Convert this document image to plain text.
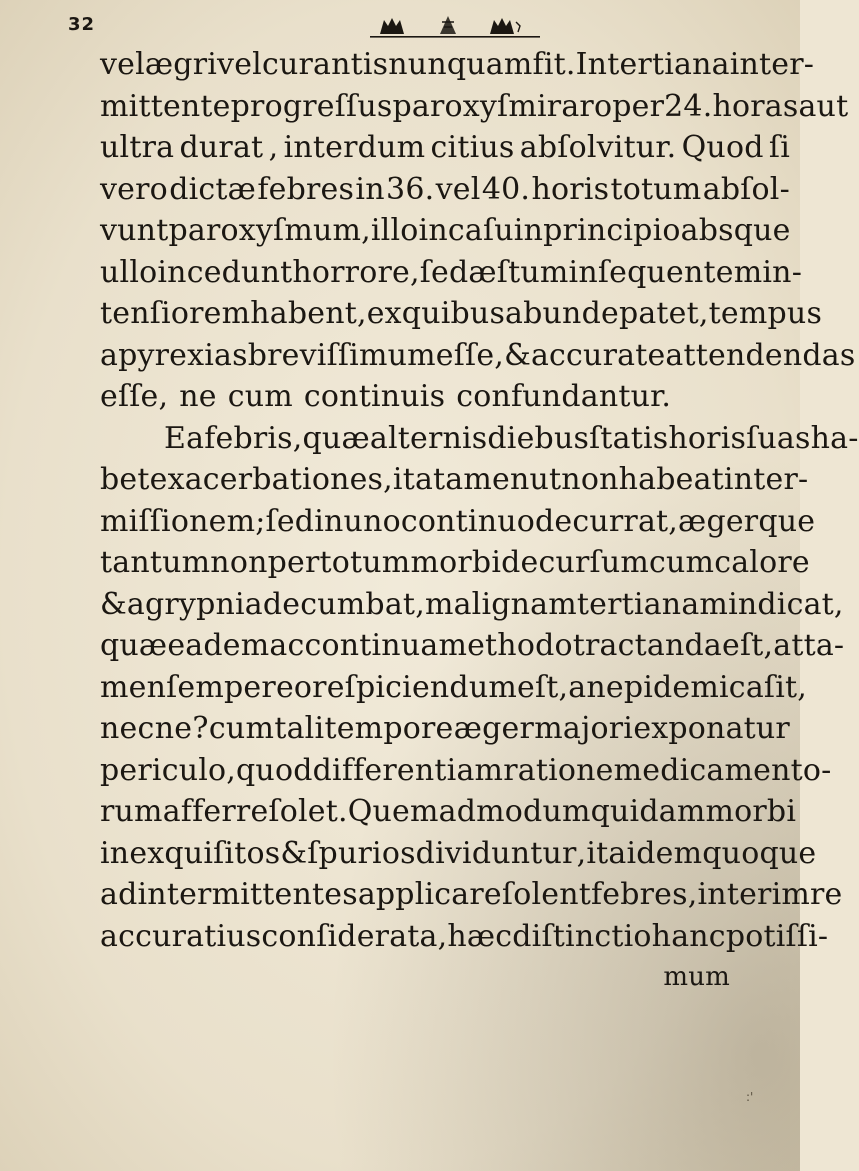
32
vel ægri vel curantis nunquam fit. In tertiana inter-
mittente progreſſus paroxyſmi raro per 24. horas aut
ultra durat , interdum citius abſolvitur. Quod ſi
vero dictæ febres in 36. vel 40. horis totum abſol-
vunt paroxyſmum , illo in caſu in principio absque
ullo incedunt horrore , ſed æſtum inſequentem in-
tenſiorem habent, ex quibus abunde patet , tempus
apyrexias breviſſimum eſſe, & accurate attendendas
eſſe, ne cum continuis confundantur.
Ea febris, quæ alternis diebus ſtatis horis ſuas ha-
bet exacerbationes , ita tamen ut non habeat inter-
miſſionem ; ſed in uno continuo decurrat, ægerque
tantum non per totum morbi decurſum cum calore
& agrypnia decumbat , malignam tertianam indicat,
quæ eadem ac continua methodo tractanda eſt, atta-
men ſemper eo reſpiciendum eſt, an epidemica ſit ,
nec ne ? cum tali tempore æger majori exponatur
periculo , quod differentiam ratione medicamento-
rum afferre ſolet. Quemadmodum quidam morbi
in exquiſitos & ſpurios dividuntur , ita idem quoque
ad intermittentes applicare ſolent febres , interim re
accuratius conſiderata, hæc diſtinctio hanc potiſſi-
mum
:'
